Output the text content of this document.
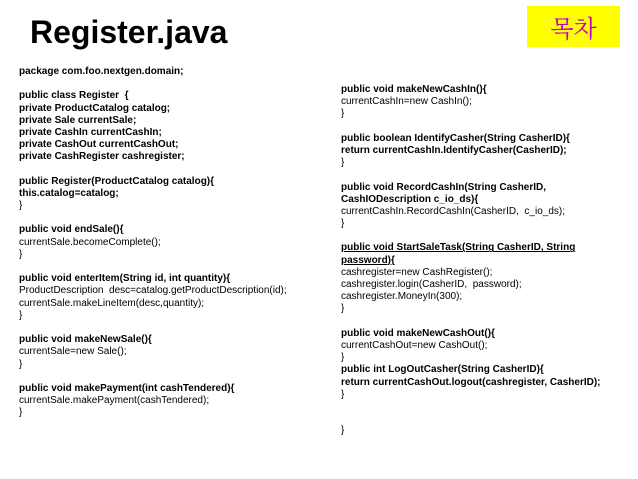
Register.java	목차
package com.foo.nextgen.domain;

public class Register  {
private ProductCatalog catalog;
private Sale currentSale;
private CashIn currentCashIn;
private CashOut currentCashOut;
private CashRegister cashregister;

public Register(ProductCatalog catalog){
this.catalog=catalog;
}

public void endSale(){
currentSale.becomeComplete();
}

public void enterItem(String id, int quantity){
ProductDescription  desc=catalog.getProductDescription(id);
currentSale.makeLineItem(desc,quantity);
}

public void makeNewSale(){
currentSale=new Sale();
}

public void makePayment(int cashTendered){
currentSale.makePayment(cashTendered);
}
public void makeNewCashIn(){
currentCashIn=new CashIn();
}

public boolean IdentifyCasher(String CasherID){
return currentCashIn.IdentifyCasher(CasherID);
}

public void RecordCashIn(String CasherID,
CashIODescription c_io_ds){
currentCashIn.RecordCashIn(CasherID,  c_io_ds);
}

public void StartSaleTask(String CasherID, String
password){
cashregister=new CashRegister();
cashregister.login(CasherID,  password);
cashregister.MoneyIn(300);
}

public void makeNewCashOut(){
currentCashOut=new CashOut();
}
public int LogOutCasher(String CasherID){
return currentCashOut.logout(cashregister, CasherID);
}

}
